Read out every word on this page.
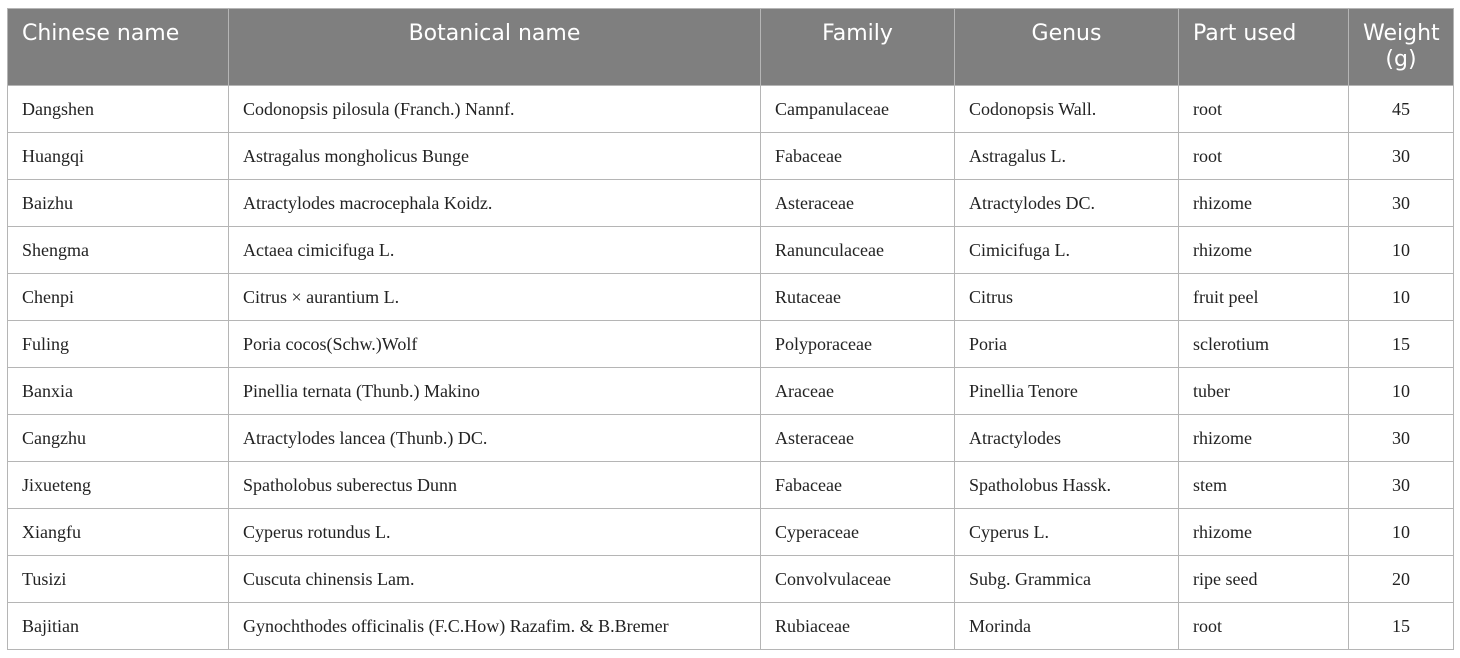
Chinese name	Botanical name	Family	Genus	Part used	Weight (g)
Dangshen	Codonopsis pilosula (Franch.) Nannf.	Campanulaceae	Codonopsis Wall.	root	45
Huangqi	Astragalus mongholicus Bunge	Fabaceae	Astragalus L.	root	30
Baizhu	Atractylodes macrocephala Koidz.	Asteraceae	Atractylodes DC.	rhizome	30
Shengma	Actaea cimicifuga L.	Ranunculaceae	Cimicifuga L.	rhizome	10
Chenpi	Citrus × aurantium L.	Rutaceae	Citrus	fruit peel	10
Fuling	Poria cocos(Schw.)Wolf	Polyporaceae	Poria	sclerotium	15
Banxia	Pinellia ternata (Thunb.) Makino	Araceae	Pinellia Tenore	tuber	10
Cangzhu	Atractylodes lancea (Thunb.) DC.	Asteraceae	Atractylodes	rhizome	30
Jixueteng	Spatholobus suberectus Dunn	Fabaceae	Spatholobus Hassk.	stem	30
Xiangfu	Cyperus rotundus L.	Cyperaceae	Cyperus L.	rhizome	10
Tusizi	Cuscuta chinensis Lam.	Convolvulaceae	Subg. Grammica	ripe seed	20
Bajitian	Gynochthodes officinalis (F.C.How) Razafim. & B.Bremer	Rubiaceae	Morinda	root	15
